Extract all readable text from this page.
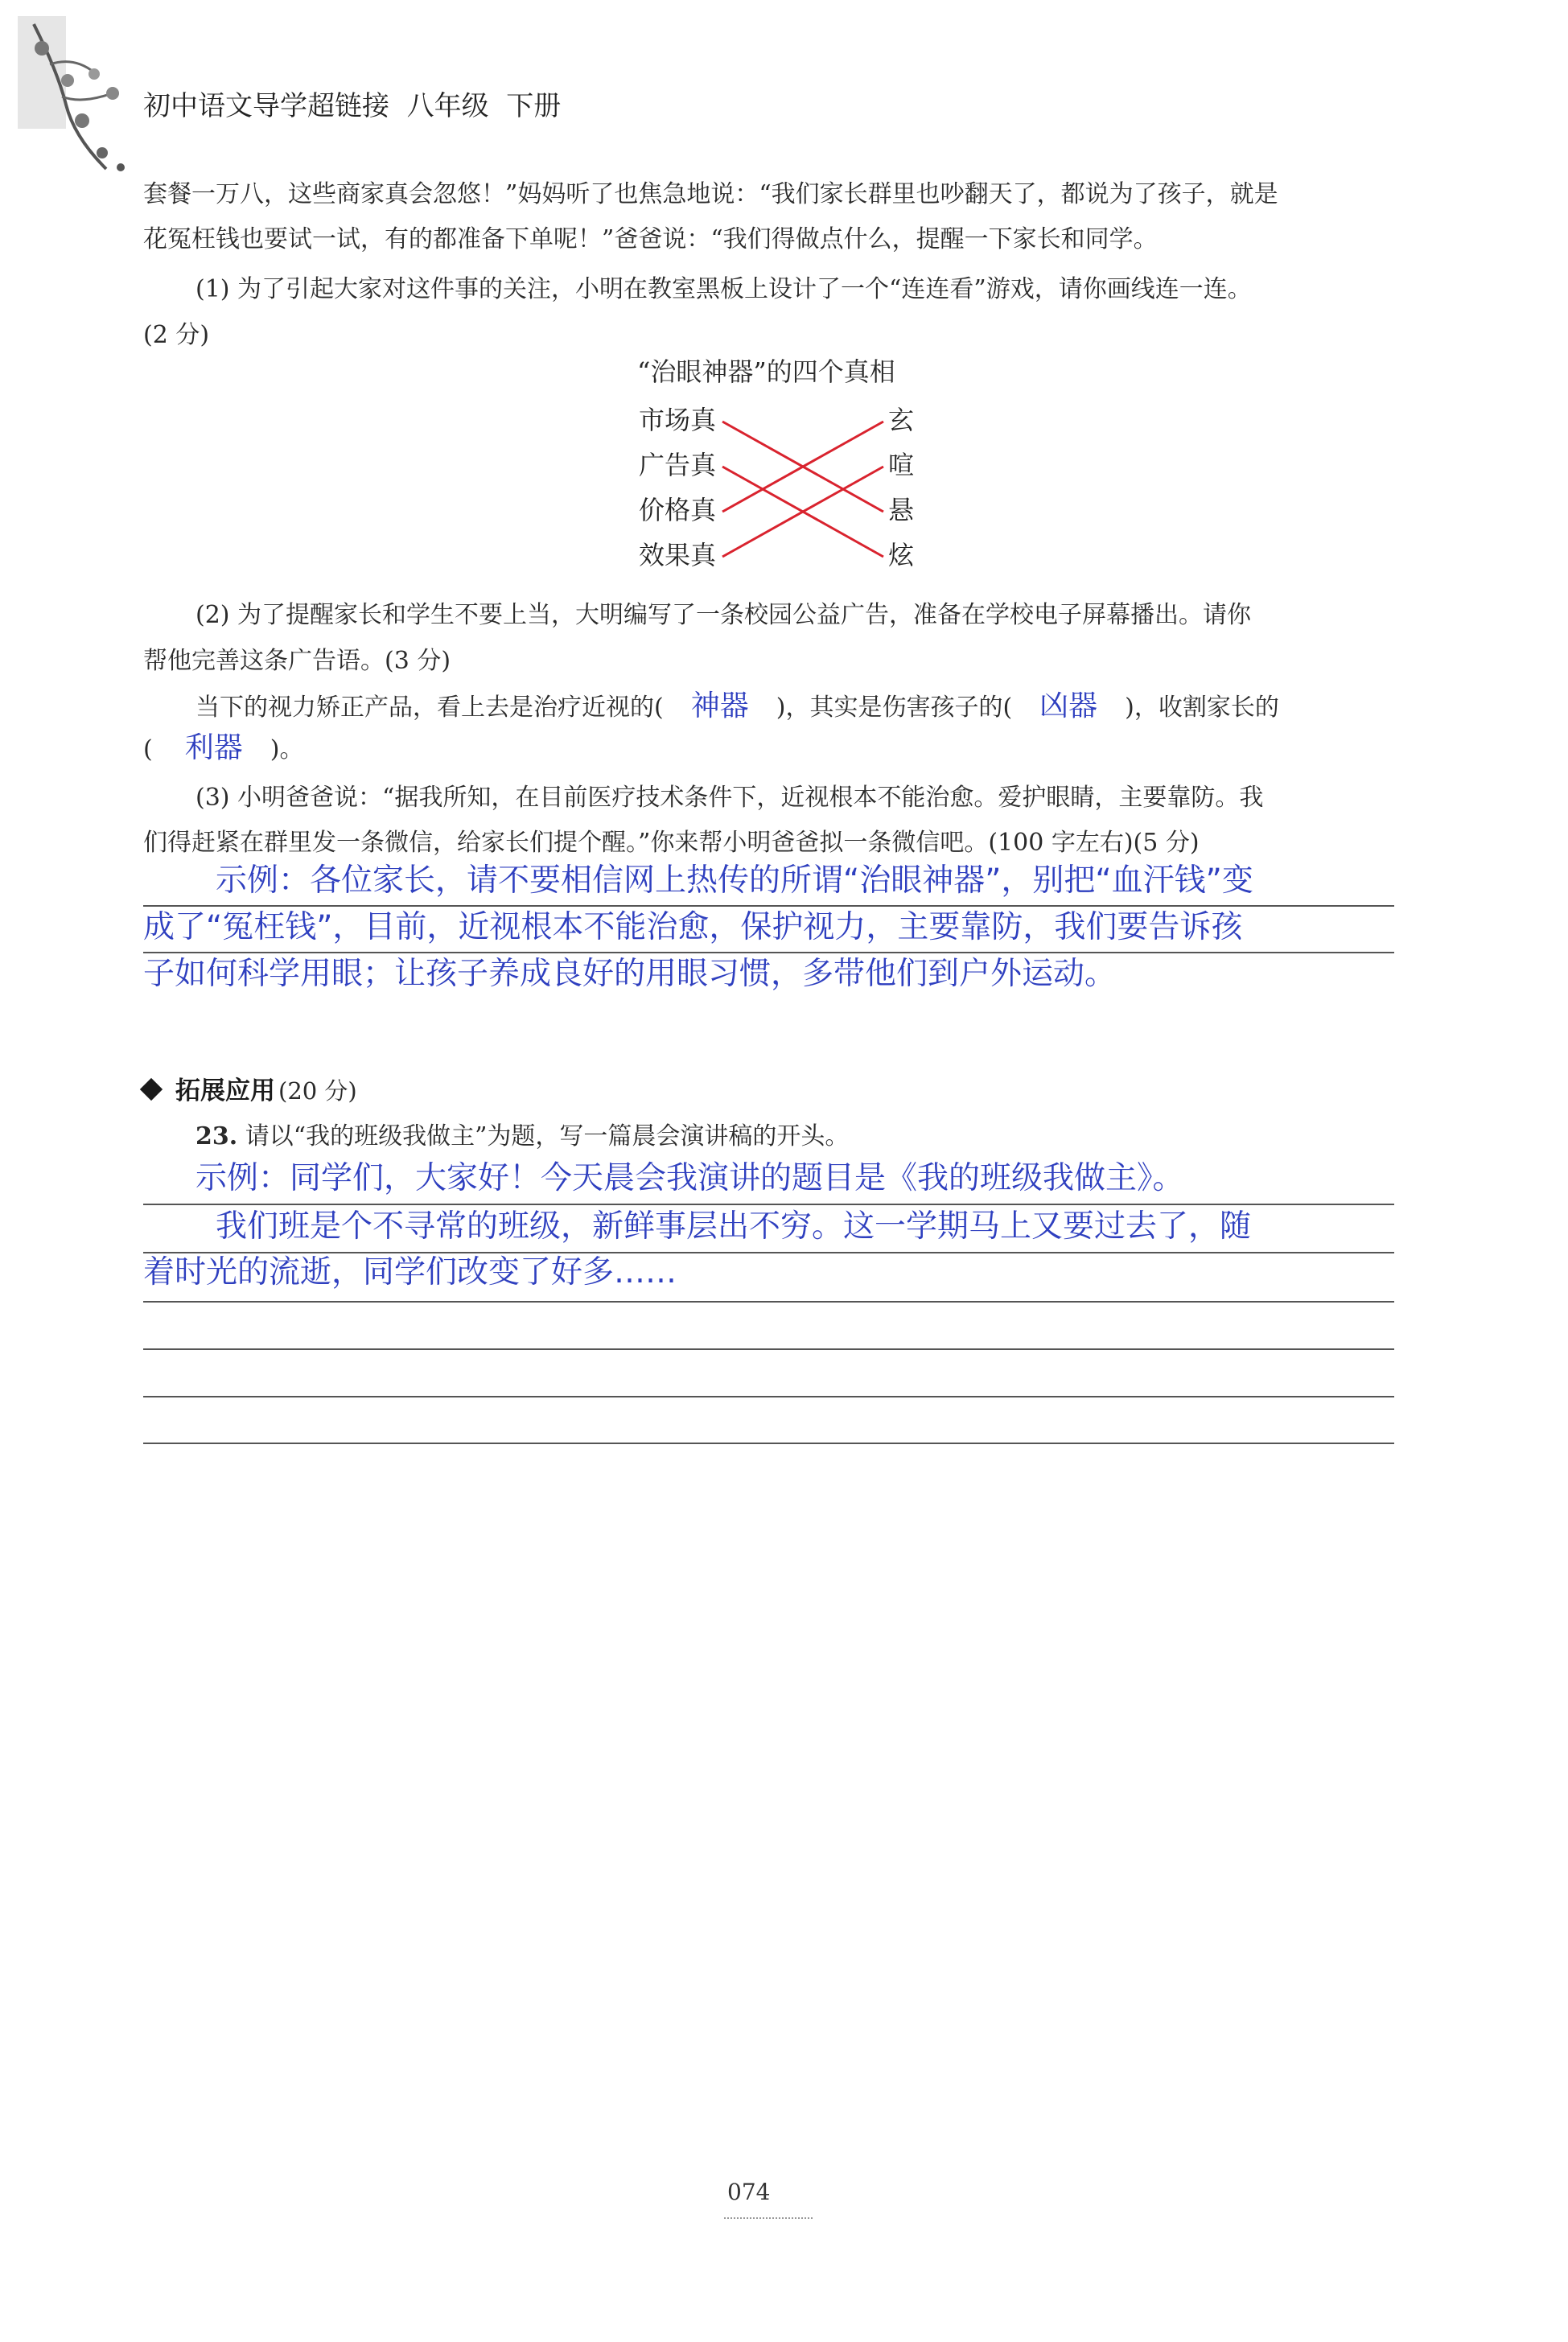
初中语文导学超链接  八年级  下册
套餐一万八，这些商家真会忽悠！”妈妈听了也焦急地说：“我们家长群里也吵翻天了，都说为了孩子，就是
花冤枉钱也要试一试，有的都准备下单呢！”爸爸说：“我们得做点什么，提醒一下家长和同学。
(1) 为了引起大家对这件事的关注，小明在教室黑板上设计了一个“连连看”游戏，请你画线连一连。
(2 分)
“治眼神器”的四个真相
市场真
广告真
价格真
效果真
玄
喧
悬
炫
(2) 为了提醒家长和学生不要上当，大明编写了一条校园公益广告，准备在学校电子屏幕播出。请你
帮他完善这条广告语。(3 分)
当下的视力矫正产品，看上去是治疗近视的( 神器 )，其实是伤害孩子的( 凶器 )，收割家长的
( 利器 )。
(3) 小明爸爸说：“据我所知，在目前医疗技术条件下，近视根本不能治愈。爱护眼睛，主要靠防。我
们得赶紧在群里发一条微信，给家长们提个醒。”你来帮小明爸爸拟一条微信吧。(100 字左右)(5 分)
示例：各位家长，请不要相信网上热传的所谓“治眼神器”，别把“血汗钱”变
成了“冤枉钱”，目前，近视根本不能治愈，保护视力，主要靠防，我们要告诉孩
子如何科学用眼；让孩子养成良好的用眼习惯，多带他们到户外运动。
拓展应用 (20 分)
23. 请以“我的班级我做主”为题，写一篇晨会演讲稿的开头。
示例：同学们，大家好！今天晨会我演讲的题目是《我的班级我做主》。
我们班是个不寻常的班级，新鲜事层出不穷。这一学期马上又要过去了，随
着时光的流逝，同学们改变了好多……
074
